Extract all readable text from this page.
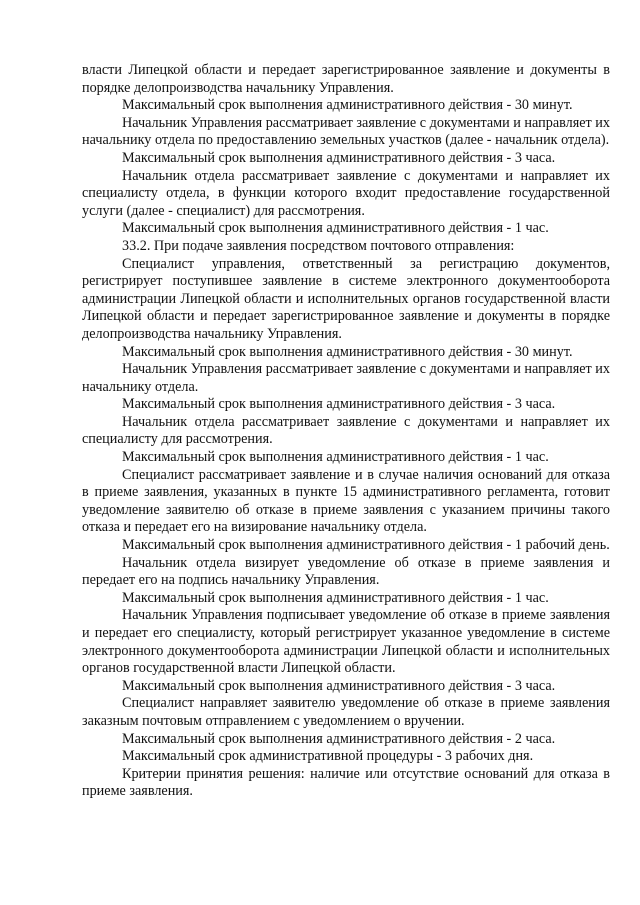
власти Липецкой области и передает зарегистрированное заявление и документы в порядке делопроизводства начальнику Управления.

Максимальный срок выполнения административного действия - 30 минут.

Начальник Управления рассматривает заявление с документами и направляет их начальнику отдела по предоставлению земельных участков (далее - начальник отдела).

Максимальный срок выполнения административного действия - 3 часа.

Начальник отдела рассматривает заявление с документами и направляет их специалисту отдела, в функции которого входит предоставление государственной услуги (далее - специалист) для рассмотрения.

Максимальный срок выполнения административного действия - 1 час.

33.2. При подаче заявления посредством почтового отправления:

Специалист управления, ответственный за регистрацию документов, регистрирует поступившее заявление в системе электронного документооборота администрации Липецкой области и исполнительных органов государственной власти Липецкой области и передает зарегистрированное заявление и документы в порядке делопроизводства начальнику Управления.

Максимальный срок выполнения административного действия - 30 минут.

Начальник Управления рассматривает заявление с документами и направляет их начальнику отдела.

Максимальный срок выполнения административного действия - 3 часа.

Начальник отдела рассматривает заявление с документами и направляет их специалисту для рассмотрения.

Максимальный срок выполнения административного действия - 1 час.

Специалист рассматривает заявление и в случае наличия оснований для отказа в приеме заявления, указанных в пункте 15 административного регламента, готовит уведомление заявителю об отказе в приеме заявления с указанием причины такого отказа и передает его на визирование начальнику отдела.

Максимальный срок выполнения административного действия - 1 рабочий день.

Начальник отдела визирует уведомление об отказе в приеме заявления и передает его на подпись начальнику Управления.

Максимальный срок выполнения административного действия - 1 час.

Начальник Управления подписывает уведомление об отказе в приеме заявления и передает его специалисту, который регистрирует указанное уведомление в системе электронного документооборота администрации Липецкой области и исполнительных органов государственной власти Липецкой области.

Максимальный срок выполнения административного действия - 3 часа.

Специалист направляет заявителю уведомление об отказе в приеме заявления заказным почтовым отправлением с уведомлением о вручении.

Максимальный срок выполнения административного действия - 2 часа.

Максимальный срок административной процедуры - 3 рабочих дня.

Критерии принятия решения: наличие или отсутствие оснований для отказа в приеме заявления.
